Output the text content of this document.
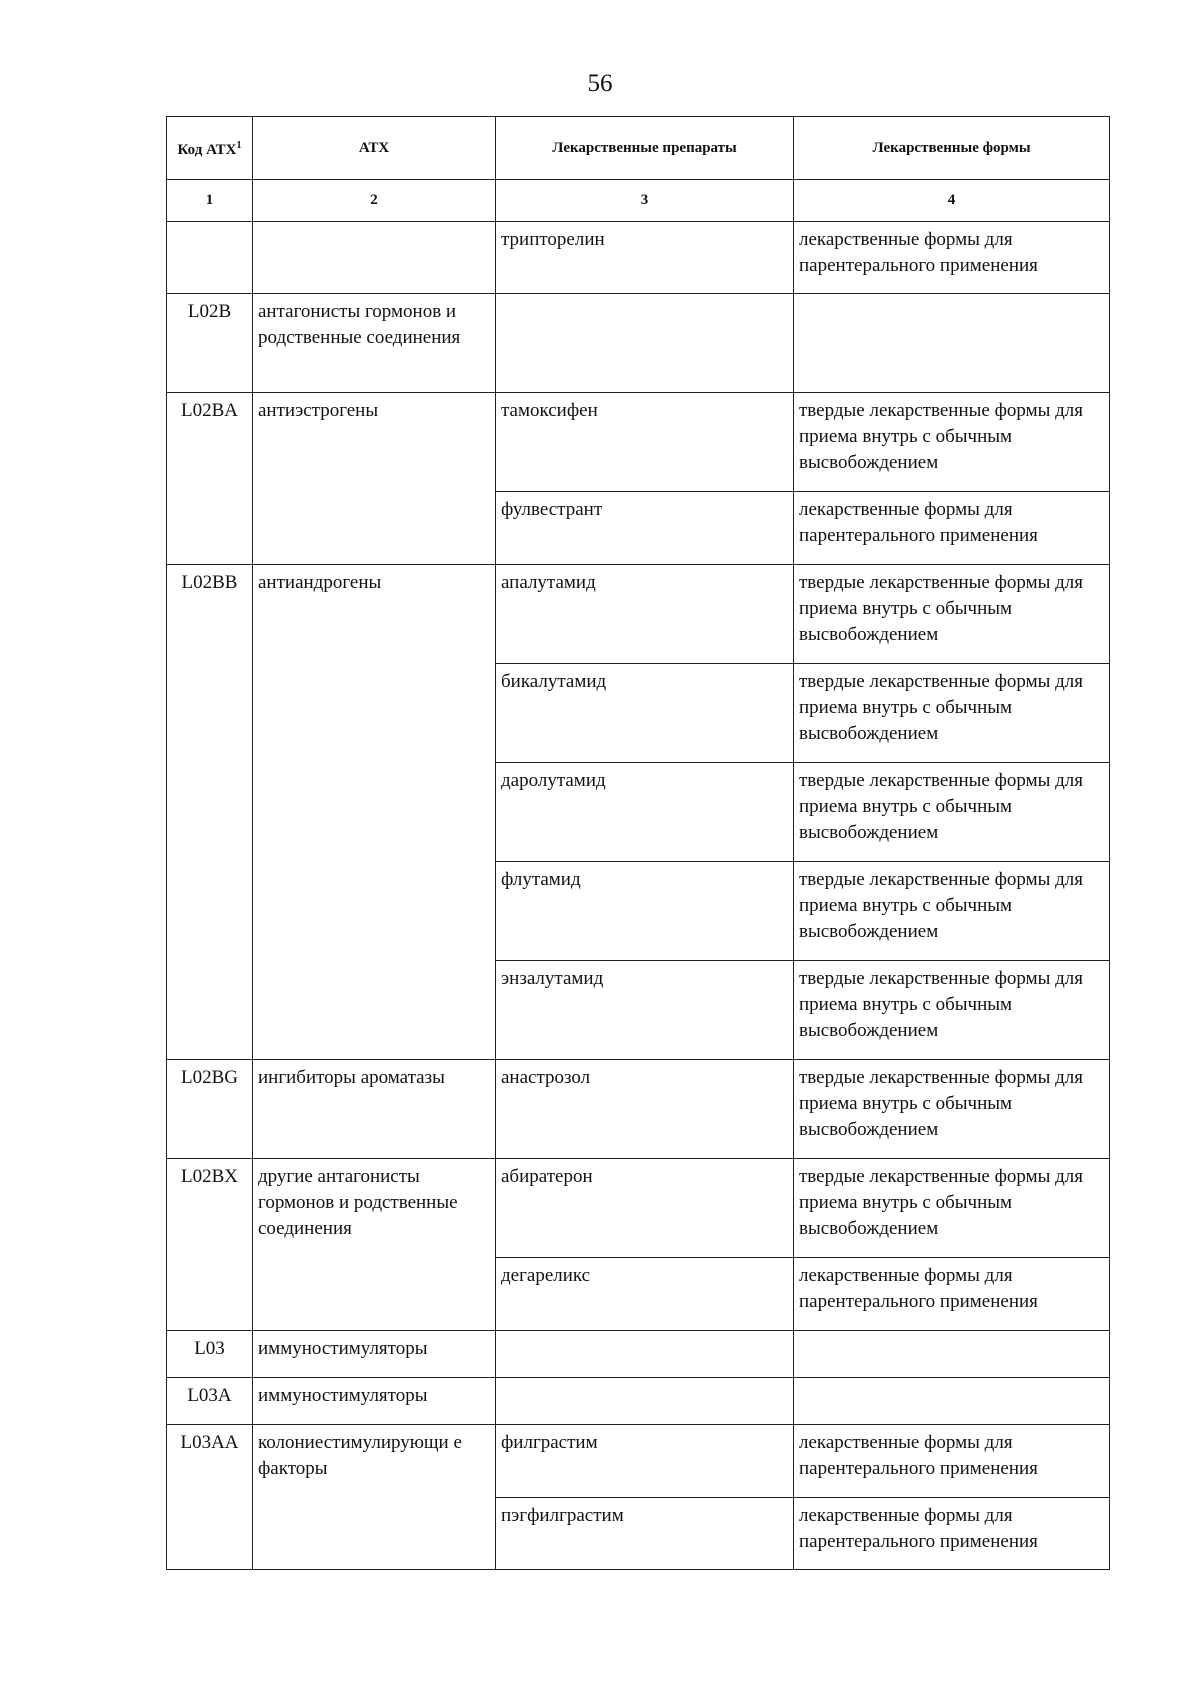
56
Код АТХ$^1$	АТХ	Лекарственные препараты	Лекарственные формы
1	2	3	4
		трипторелин	лекарственные формы для парентерального применения
L02B	антагонисты гормонов и родственные соединения		
L02BA	антиэстрогены	тамоксифен	твердые лекарственные формы для приема внутрь с обычным высвобождением
		фулвестрант	лекарственные формы для парентерального применения
L02BB	антиандрогены	апалутамид	твердые лекарственные формы для приема внутрь с обычным высвобождением
		бикалутамид	твердые лекарственные формы для приема внутрь с обычным высвобождением
		даролутамид	твердые лекарственные формы для приема внутрь с обычным высвобождением
		флутамид	твердые лекарственные формы для приема внутрь с обычным высвобождением
		энзалутамид	твердые лекарственные формы для приема внутрь с обычным высвобождением
L02BG	ингибиторы ароматазы	анастрозол	твердые лекарственные формы для приема внутрь с обычным высвобождением
L02BX	другие антагонисты гормонов и родственные соединения	абиратерон	твердые лекарственные формы для приема внутрь с обычным высвобождением
		дегареликс	лекарственные формы для парентерального применения
L03	иммуностимуляторы		
L03A	иммуностимуляторы		
L03AA	колониестимулирующи е факторы	филграстим	лекарственные формы для парентерального применения
		пэгфилграстим	лекарственные формы для парентерального применения
